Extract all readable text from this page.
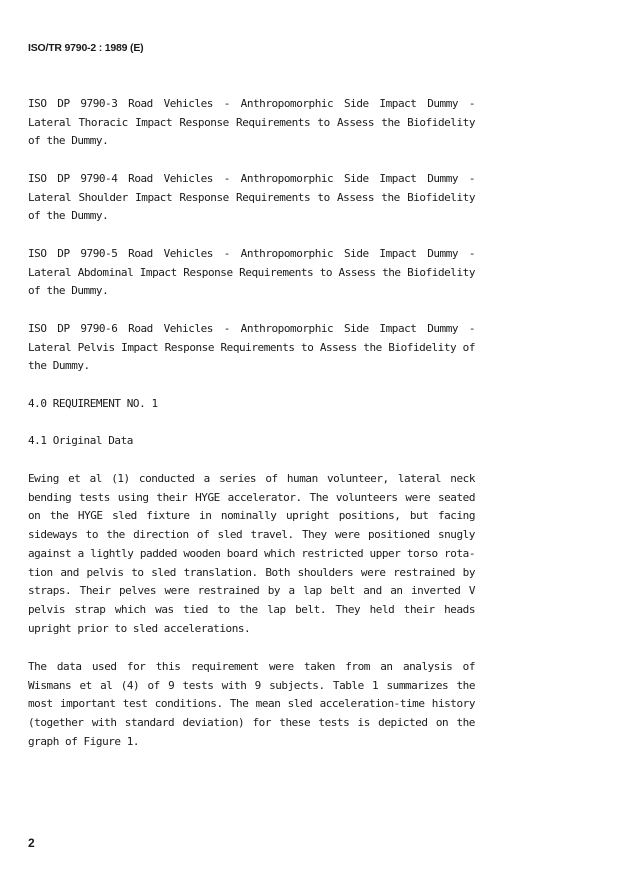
ISO/TR 9790-2 : 1989 (E)
ISO DP 9790-3 Road Vehicles - Anthropomorphic Side Impact Dummy -
Lateral Thoracic Impact Response Requirements to Assess the Biofidelity
of the Dummy.
ISO DP 9790-4 Road Vehicles - Anthropomorphic Side Impact Dummy -
Lateral Shoulder Impact Response Requirements to Assess the Biofidelity
of the Dummy.
ISO DP 9790-5 Road Vehicles - Anthropomorphic Side Impact Dummy -
Lateral Abdominal Impact Response Requirements to Assess the Biofidelity
of the Dummy.
ISO DP 9790-6 Road Vehicles - Anthropomorphic Side Impact Dummy -
Lateral Pelvis Impact Response Requirements to Assess the Biofidelity of
the Dummy.
4.0 REQUIREMENT NO. 1
4.1 Original Data
Ewing et al (1) conducted a series of human volunteer, lateral neck
bending tests using their HYGE accelerator. The volunteers were seated
on the HYGE sled fixture in nominally upright positions, but facing
sideways to the direction of sled travel. They were positioned snugly
against a lightly padded wooden board which restricted upper torso rota-
tion and pelvis to sled translation. Both shoulders were restrained by
straps. Their pelves were restrained by a lap belt and an inverted V
pelvis strap which was tied to the lap belt. They held their heads
upright prior to sled accelerations.
The data used for this requirement were taken from an analysis of
Wismans et al (4) of 9 tests with 9 subjects. Table 1 summarizes the
most important test conditions. The mean sled acceleration-time history
(together with standard deviation) for these tests is depicted on the
graph of Figure 1.
2
